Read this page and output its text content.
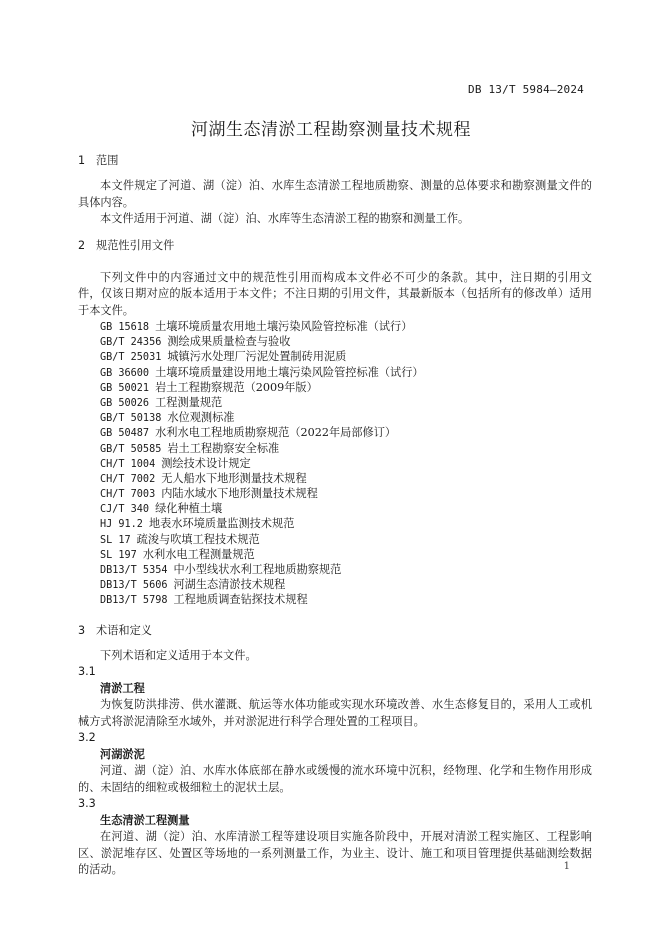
DB 13/T 5984—2024
河湖生态清淤工程勘察测量技术规程
1 范围

本文件规定了河道、湖（淀）泊、水库生态清淤工程地质勘察、测量的总体要求和勘察测量文件的具体内容。

本文件适用于河道、湖（淀）泊、水库等生态清淤工程的勘察和测量工作。

2 规范性引用文件

下列文件中的内容通过文中的规范性引用而构成本文件必不可少的条款。其中，注日期的引用文件，仅该日期对应的版本适用于本文件；不注日期的引用文件，其最新版本（包括所有的修改单）适用于本文件。

GB 15618 土壤环境质量农用地土壤污染风险管控标准（试行）
GB/T 24356 测绘成果质量检查与验收
GB/T 25031 城镇污水处理厂污泥处置制砖用泥质
GB 36600 土壤环境质量建设用地土壤污染风险管控标准（试行）
GB 50021 岩土工程勘察规范（2009年版）
GB 50026 工程测量规范
GB/T 50138 水位观测标准
GB 50487 水利水电工程地质勘察规范（2022年局部修订）
GB/T 50585 岩土工程勘察安全标准
CH/T 1004 测绘技术设计规定
CH/T 7002 无人船水下地形测量技术规程
CH/T 7003 内陆水域水下地形测量技术规程
CJ/T 340 绿化种植土壤
HJ 91.2 地表水环境质量监测技术规范
SL 17 疏浚与吹填工程技术规范
SL 197 水利水电工程测量规范
DB13/T 5354 中小型线状水利工程地质勘察规范
DB13/T 5606 河湖生态清淤技术规程
DB13/T 5798 工程地质调查钻探技术规程
3 术语和定义

下列术语和定义适用于本文件。

3.1
清淤工程

为恢复防洪排涝、供水灌溉、航运等水体功能或实现水环境改善、水生态修复目的，采用人工或机械方式将淤泥清除至水域外，并对淤泥进行科学合理处置的工程项目。

3.2
河湖淤泥

河道、湖（淀）泊、水库水体底部在静水或缓慢的流水环境中沉积，经物理、化学和生物作用形成的、未固结的细粒或极细粒土的泥状土层。

3.3
生态清淤工程测量

在河道、湖（淀）泊、水库清淤工程等建设项目实施各阶段中，开展对清淤工程实施区、工程影响区、淤泥堆存区、处置区等场地的一系列测量工作，为业主、设计、施工和项目管理提供基础测绘数据的活动。	1
